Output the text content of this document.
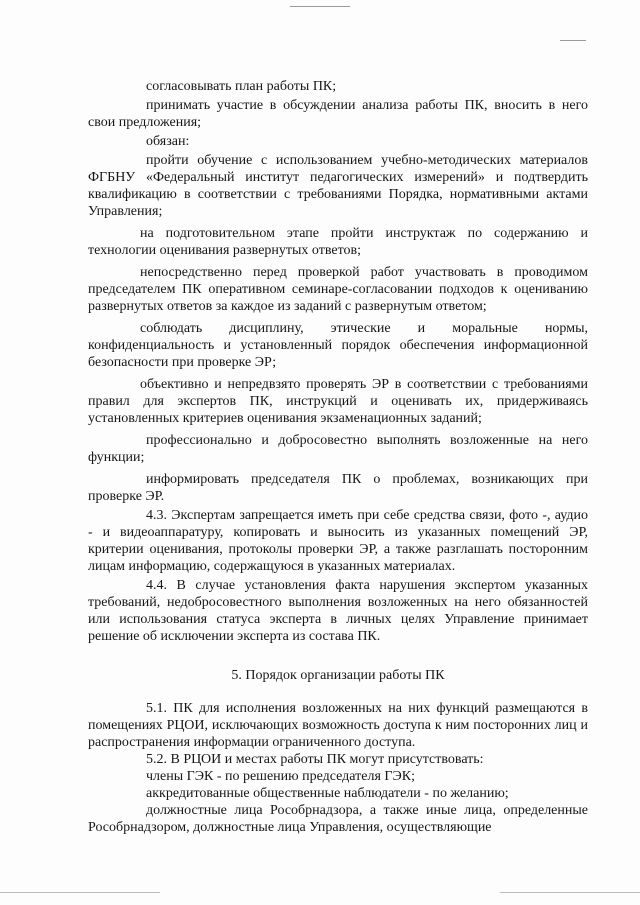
согласовывать план работы ПК;

принимать участие в обсуждении анализа работы ПК, вносить в него свои предложения;

обязан:

пройти обучение с использованием учебно-методических материалов ФГБНУ «Федеральный институт педагогических измерений» и подтвердить квалификацию в соответствии с требованиями Порядка, нормативными актами Управления;

на подготовительном этапе пройти инструктаж по содержанию и технологии оценивания развернутых ответов;

непосредственно перед проверкой работ участвовать в проводимом председателем ПК оперативном семинаре-согласовании подходов к оцениванию развернутых ответов за каждое из заданий с развернутым ответом;

соблюдать дисциплину, этические и моральные нормы, конфиденциальность и установленный порядок обеспечения информационной безопасности при проверке ЭР;

объективно и непредвзято проверять ЭР в соответствии с требованиями правил для экспертов ПК, инструкций и оценивать их, придерживаясь установленных критериев оценивания экзаменационных заданий;

профессионально и добросовестно выполнять возложенные на него функции;

информировать председателя ПК о проблемах, возникающих при проверке ЭР.

4.3. Экспертам запрещается иметь при себе средства связи, фото -, аудио - и видеоаппаратуру, копировать и выносить из указанных помещений ЭР, критерии оценивания, протоколы проверки ЭР, а также разглашать посторонним лицам информацию, содержащуюся в указанных материалах.

4.4. В случае установления факта нарушения экспертом указанных требований, недобросовестного выполнения возложенных на него обязанностей или использования статуса эксперта в личных целях Управление принимает решение об исключении эксперта из состава ПК.

5. Порядок организации работы ПК

5.1. ПК для исполнения возложенных на них функций размещаются в помещениях РЦОИ, исключающих возможность доступа к ним посторонних лиц и распространения информации ограниченного доступа.

5.2. В РЦОИ и местах работы ПК могут присутствовать:

члены ГЭК - по решению председателя ГЭК;

аккредитованные общественные наблюдатели - по желанию;

должностные лица Рособрнадзора, а также иные лица, определенные Рособрнадзором, должностные лица Управления, осуществляющие
